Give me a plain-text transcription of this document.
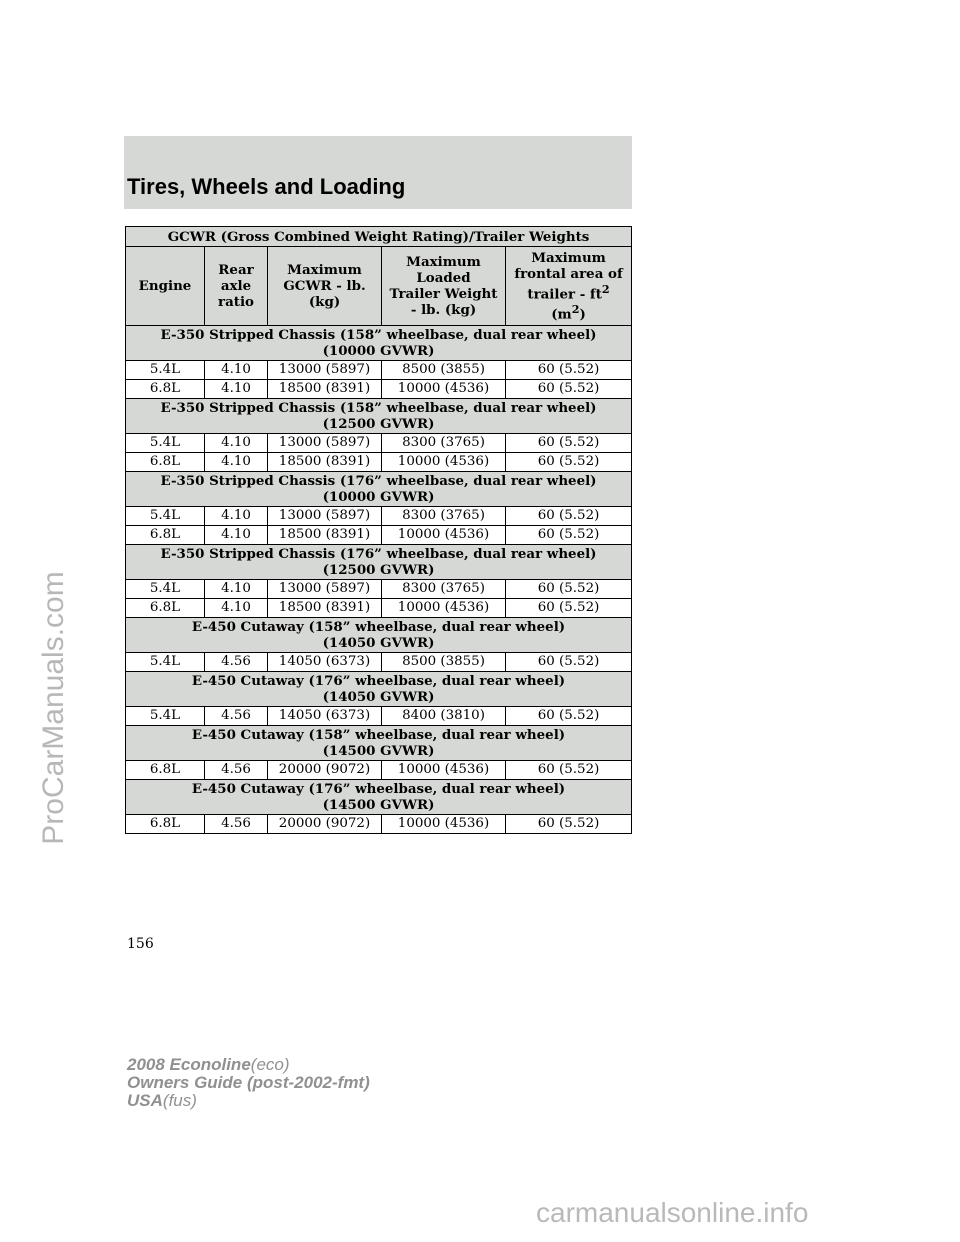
Tires, Wheels and Loading
GCWR (Gross Combined Weight Rating)/Trailer Weights				
Engine	Rear
axle
ratio	Maximum
GCWR - lb.
(kg)	Maximum
Loaded
Trailer Weight
- lb. (kg)	Maximum
frontal area of
trailer - $ft^2$
$(m^2)$
E-350 Stripped Chassis (158” wheelbase, dual rear wheel)
(10000 GVWR)				
5.4L	4.10	13000 (5897)	8500 (3855)	60 (5.52)
6.8L	4.10	18500 (8391)	10000 (4536)	60 (5.52)
E-350 Stripped Chassis (158” wheelbase, dual rear wheel)
(12500 GVWR)				
5.4L	4.10	13000 (5897)	8300 (3765)	60 (5.52)
6.8L	4.10	18500 (8391)	10000 (4536)	60 (5.52)
E-350 Stripped Chassis (176” wheelbase, dual rear wheel)
(10000 GVWR)				
5.4L	4.10	13000 (5897)	8300 (3765)	60 (5.52)
6.8L	4.10	18500 (8391)	10000 (4536)	60 (5.52)
E-350 Stripped Chassis (176” wheelbase, dual rear wheel)
(12500 GVWR)				
5.4L	4.10	13000 (5897)	8300 (3765)	60 (5.52)
6.8L	4.10	18500 (8391)	10000 (4536)	60 (5.52)
E-450 Cutaway (158” wheelbase, dual rear wheel)
(14050 GVWR)				
5.4L	4.56	14050 (6373)	8500 (3855)	60 (5.52)
E-450 Cutaway (176” wheelbase, dual rear wheel)
(14050 GVWR)				
5.4L	4.56	14050 (6373)	8400 (3810)	60 (5.52)
E-450 Cutaway (158” wheelbase, dual rear wheel)
(14500 GVWR)				
6.8L	4.56	20000 (9072)	10000 (4536)	60 (5.52)
E-450 Cutaway (176” wheelbase, dual rear wheel)
(14500 GVWR)				
6.8L	4.56	20000 (9072)	10000 (4536)	60 (5.52)
156
2008 Econoline(eco)
Owners Guide (post-2002-fmt)
USA(fus)
ProCarManuals.com
carmanualsonline.info
